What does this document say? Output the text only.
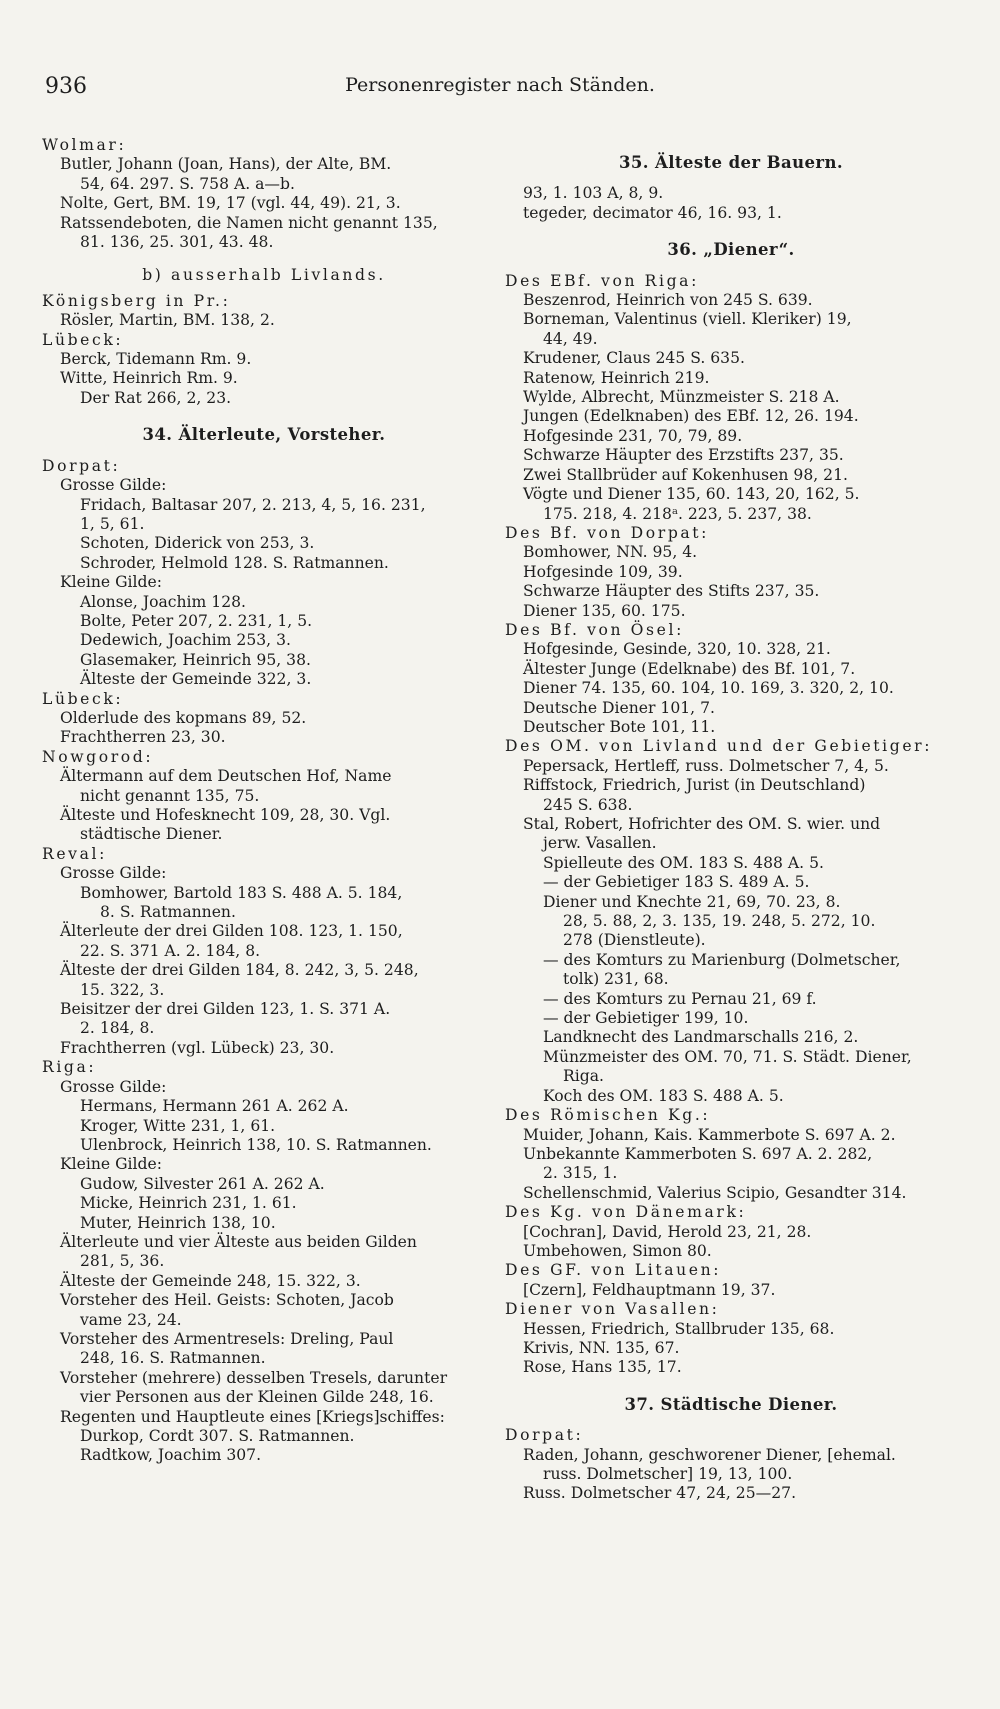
936	Personenregister nach Ständen.

Wolmar:

Butler, Johann (Joan, Hans), der Alte, BM.

54, 64. 297. S. 758 A. a—b.

Nolte, Gert, BM. 19, 17 (vgl. 44, 49). 21, 3.

Ratssendeboten, die Namen nicht genannt 135,

81. 136, 25. 301, 43. 48.

b) ausserhalb Livlands.

Königsberg in Pr.:

Rösler, Martin, BM. 138, 2.

Lübeck:

Berck, Tidemann Rm. 9.

Witte, Heinrich Rm. 9.

Der Rat 266, 2, 23.

34. Älterleute, Vorsteher.

Dorpat:

Grosse Gilde:

Fridach, Baltasar 207, 2. 213, 4, 5, 16. 231,

1, 5, 61.

Schoten, Diderick von 253, 3.

Schroder, Helmold 128. S. Ratmannen.

Kleine Gilde:

Alonse, Joachim 128.

Bolte, Peter 207, 2. 231, 1, 5.

Dedewich, Joachim 253, 3.

Glasemaker, Heinrich 95, 38.

Älteste der Gemeinde 322, 3.

Lübeck:

Olderlude des kopmans 89, 52.

Frachtherren 23, 30.

Nowgorod:

Ältermann auf dem Deutschen Hof, Name

nicht genannt 135, 75.

Älteste und Hofesknecht 109, 28, 30. Vgl.

städtische Diener.

Reval:

Grosse Gilde:

Bomhower, Bartold 183 S. 488 A. 5. 184,

8. S. Ratmannen.

Älterleute der drei Gilden 108. 123, 1. 150,

22. S. 371 A. 2. 184, 8.

Älteste der drei Gilden 184, 8. 242, 3, 5. 248,

15. 322, 3.

Beisitzer der drei Gilden 123, 1. S. 371 A.

2. 184, 8.

Frachtherren (vgl. Lübeck) 23, 30.

Riga:

Grosse Gilde:

Hermans, Hermann 261 A. 262 A.

Kroger, Witte 231, 1, 61.

Ulenbrock, Heinrich 138, 10. S. Ratmannen.

Kleine Gilde:

Gudow, Silvester 261 A. 262 A.

Micke, Heinrich 231, 1. 61.

Muter, Heinrich 138, 10.

Älterleute und vier Älteste aus beiden Gilden

281, 5, 36.

Älteste der Gemeinde 248, 15. 322, 3.

Vorsteher des Heil. Geists: Schoten, Jacob

vame 23, 24.

Vorsteher des Armentresels: Dreling, Paul

248, 16. S. Ratmannen.

Vorsteher (mehrere) desselben Tresels, darunter

vier Personen aus der Kleinen Gilde 248, 16.

Regenten und Hauptleute eines [Kriegs]schiffes:

Durkop, Cordt 307. S. Ratmannen.

Radtkow, Joachim 307.

35. Älteste der Bauern.

93, 1. 103 A, 8, 9.

tegeder, decimator 46, 16. 93, 1.

36. „Diener“.

Des EBf. von Riga:

Beszenrod, Heinrich von 245 S. 639.

Borneman, Valentinus (viell. Kleriker) 19,

44, 49.

Krudener, Claus 245 S. 635.

Ratenow, Heinrich 219.

Wylde, Albrecht, Münzmeister S. 218 A.

Jungen (Edelknaben) des EBf. 12, 26. 194.

Hofgesinde 231, 70, 79, 89.

Schwarze Häupter des Erzstifts 237, 35.

Zwei Stallbrüder auf Kokenhusen 98, 21.

Vögte und Diener 135, 60. 143, 20, 162, 5.

175. 218, 4. 218ᵃ. 223, 5. 237, 38.

Des Bf. von Dorpat:

Bomhower, NN. 95, 4.

Hofgesinde 109, 39.

Schwarze Häupter des Stifts 237, 35.

Diener 135, 60. 175.

Des Bf. von Ösel:

Hofgesinde, Gesinde, 320, 10. 328, 21.

Ältester Junge (Edelknabe) des Bf. 101, 7.

Diener 74. 135, 60. 104, 10. 169, 3. 320, 2, 10.

Deutsche Diener 101, 7.

Deutscher Bote 101, 11.

Des OM. von Livland und der Gebietiger:

Pepersack, Hertleff, russ. Dolmetscher 7, 4, 5.

Riffstock, Friedrich, Jurist (in Deutschland)

245 S. 638.

Stal, Robert, Hofrichter des OM. S. wier. und

jerw. Vasallen.

Spielleute des OM. 183 S. 488 A. 5.

— der Gebietiger 183 S. 489 A. 5.

Diener und Knechte 21, 69, 70. 23, 8.

28, 5. 88, 2, 3. 135, 19. 248, 5. 272, 10.

278 (Dienstleute).

— des Komturs zu Marienburg (Dolmetscher,

tolk) 231, 68.

— des Komturs zu Pernau 21, 69 f.

— der Gebietiger 199, 10.

Landknecht des Landmarschalls 216, 2.

Münzmeister des OM. 70, 71. S. Städt. Diener,

Riga.

Koch des OM. 183 S. 488 A. 5.

Des Römischen Kg.:

Muider, Johann, Kais. Kammerbote S. 697 A. 2.

Unbekannte Kammerboten S. 697 A. 2. 282,

2. 315, 1.

Schellenschmid, Valerius Scipio, Gesandter 314.

Des Kg. von Dänemark:

[Cochran], David, Herold 23, 21, 28.

Umbehowen, Simon 80.

Des GF. von Litauen:

[Czern], Feldhauptmann 19, 37.

Diener von Vasallen:

Hessen, Friedrich, Stallbruder 135, 68.

Krivis, NN. 135, 67.

Rose, Hans 135, 17.

37. Städtische Diener.

Dorpat:

Raden, Johann, geschworener Diener, [ehemal.

russ. Dolmetscher] 19, 13, 100.

Russ. Dolmetscher 47, 24, 25—27.
